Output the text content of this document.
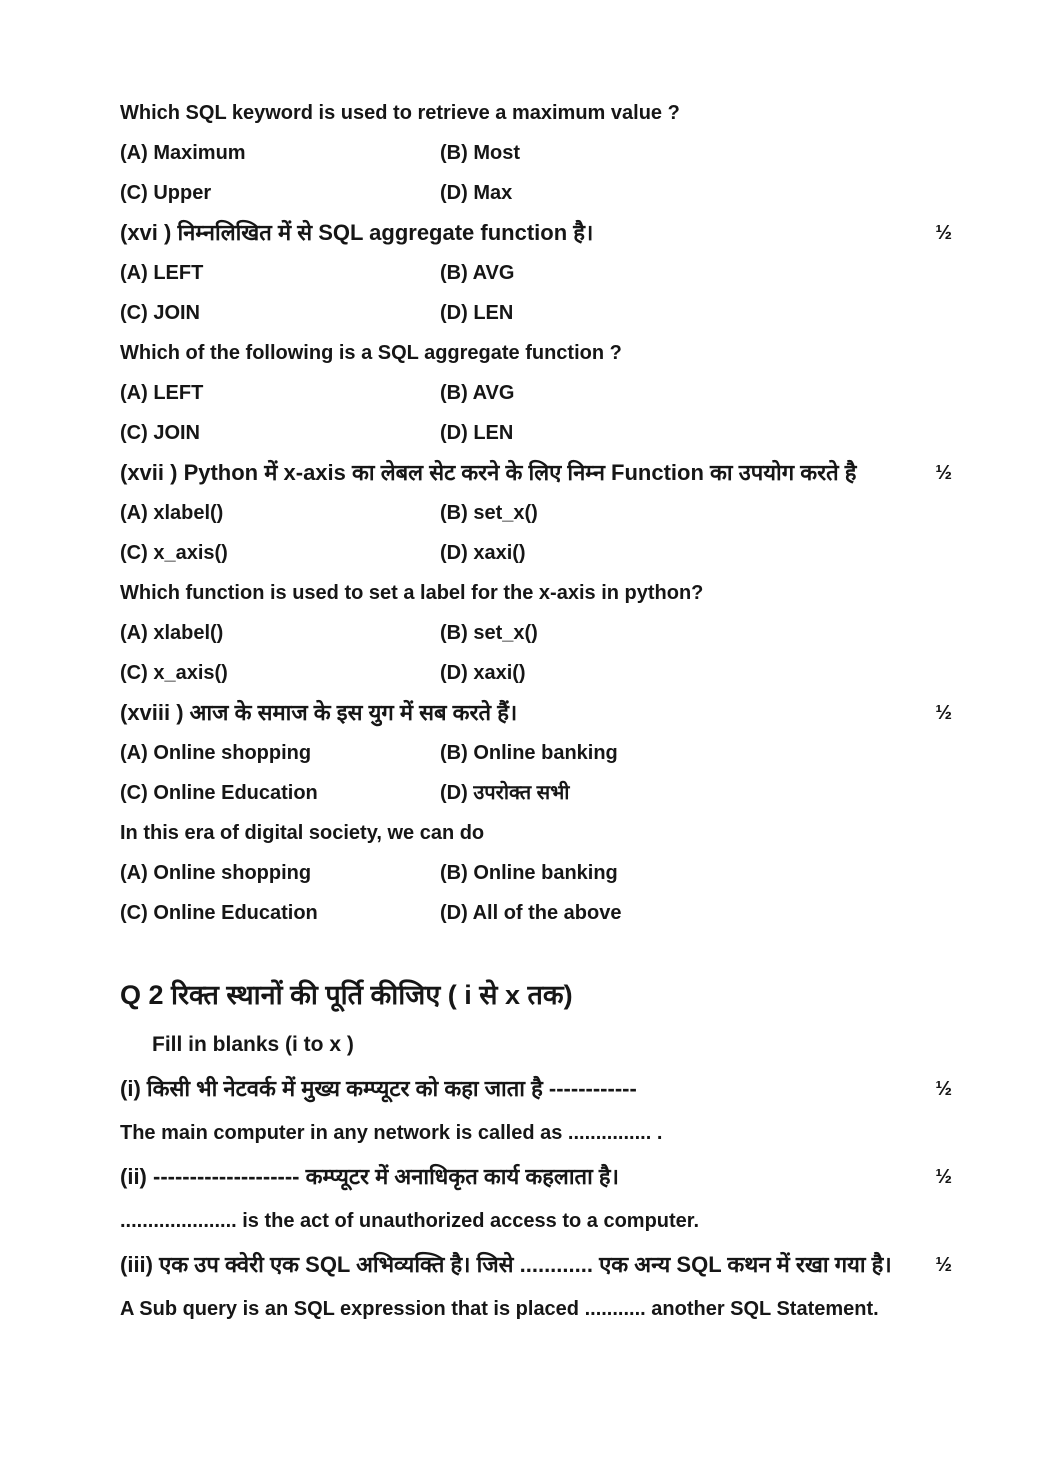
Which SQL keyword is used to retrieve a maximum value ?
(A) Maximum	(B) Most
(C) Upper	(D) Max
(xvi ) निम्नलिखित में से SQL aggregate function है।	½
(A) LEFT	(B) AVG
(C) JOIN	(D) LEN
Which of the following is a SQL aggregate function ?
(A) LEFT	(B) AVG
(C) JOIN	(D) LEN
(xvii ) Python में x-axis का लेबल सेट करने के लिए निम्न Function का उपयोग करते है	½
(A) xlabel()	(B) set_x()
(C) x_axis()	(D) xaxi()
Which function is used to set a label for the x-axis in python?
(A) xlabel()	(B) set_x()
(C) x_axis()	(D) xaxi()
(xviii ) आज के समाज के इस युग में सब करते हैं।	½
(A) Online shopping	(B) Online banking
(C) Online Education	(D) उपरोक्त सभी
In this era of digital society, we can do
(A) Online shopping	(B) Online banking
(C) Online Education	(D) All of the above
Q 2 रिक्त स्थानों की पूर्ति कीजिए ( i से x तक)
Fill in blanks (i to x )
(i) किसी भी नेटवर्क में मुख्य कम्प्यूटर को कहा जाता है ------------	½
The main computer in any network is called as ............... .
(ii) -------------------- कम्प्यूटर में अनाधिकृत कार्य कहलाता है।	½
..................... is the act of unauthorized access to a computer.
(iii) एक उप क्वेरी एक SQL अभिव्यक्ति है। जिसे ............ एक अन्य SQL कथन में रखा गया है।	½
A Sub query is an SQL expression that is placed ........... another SQL Statement.
